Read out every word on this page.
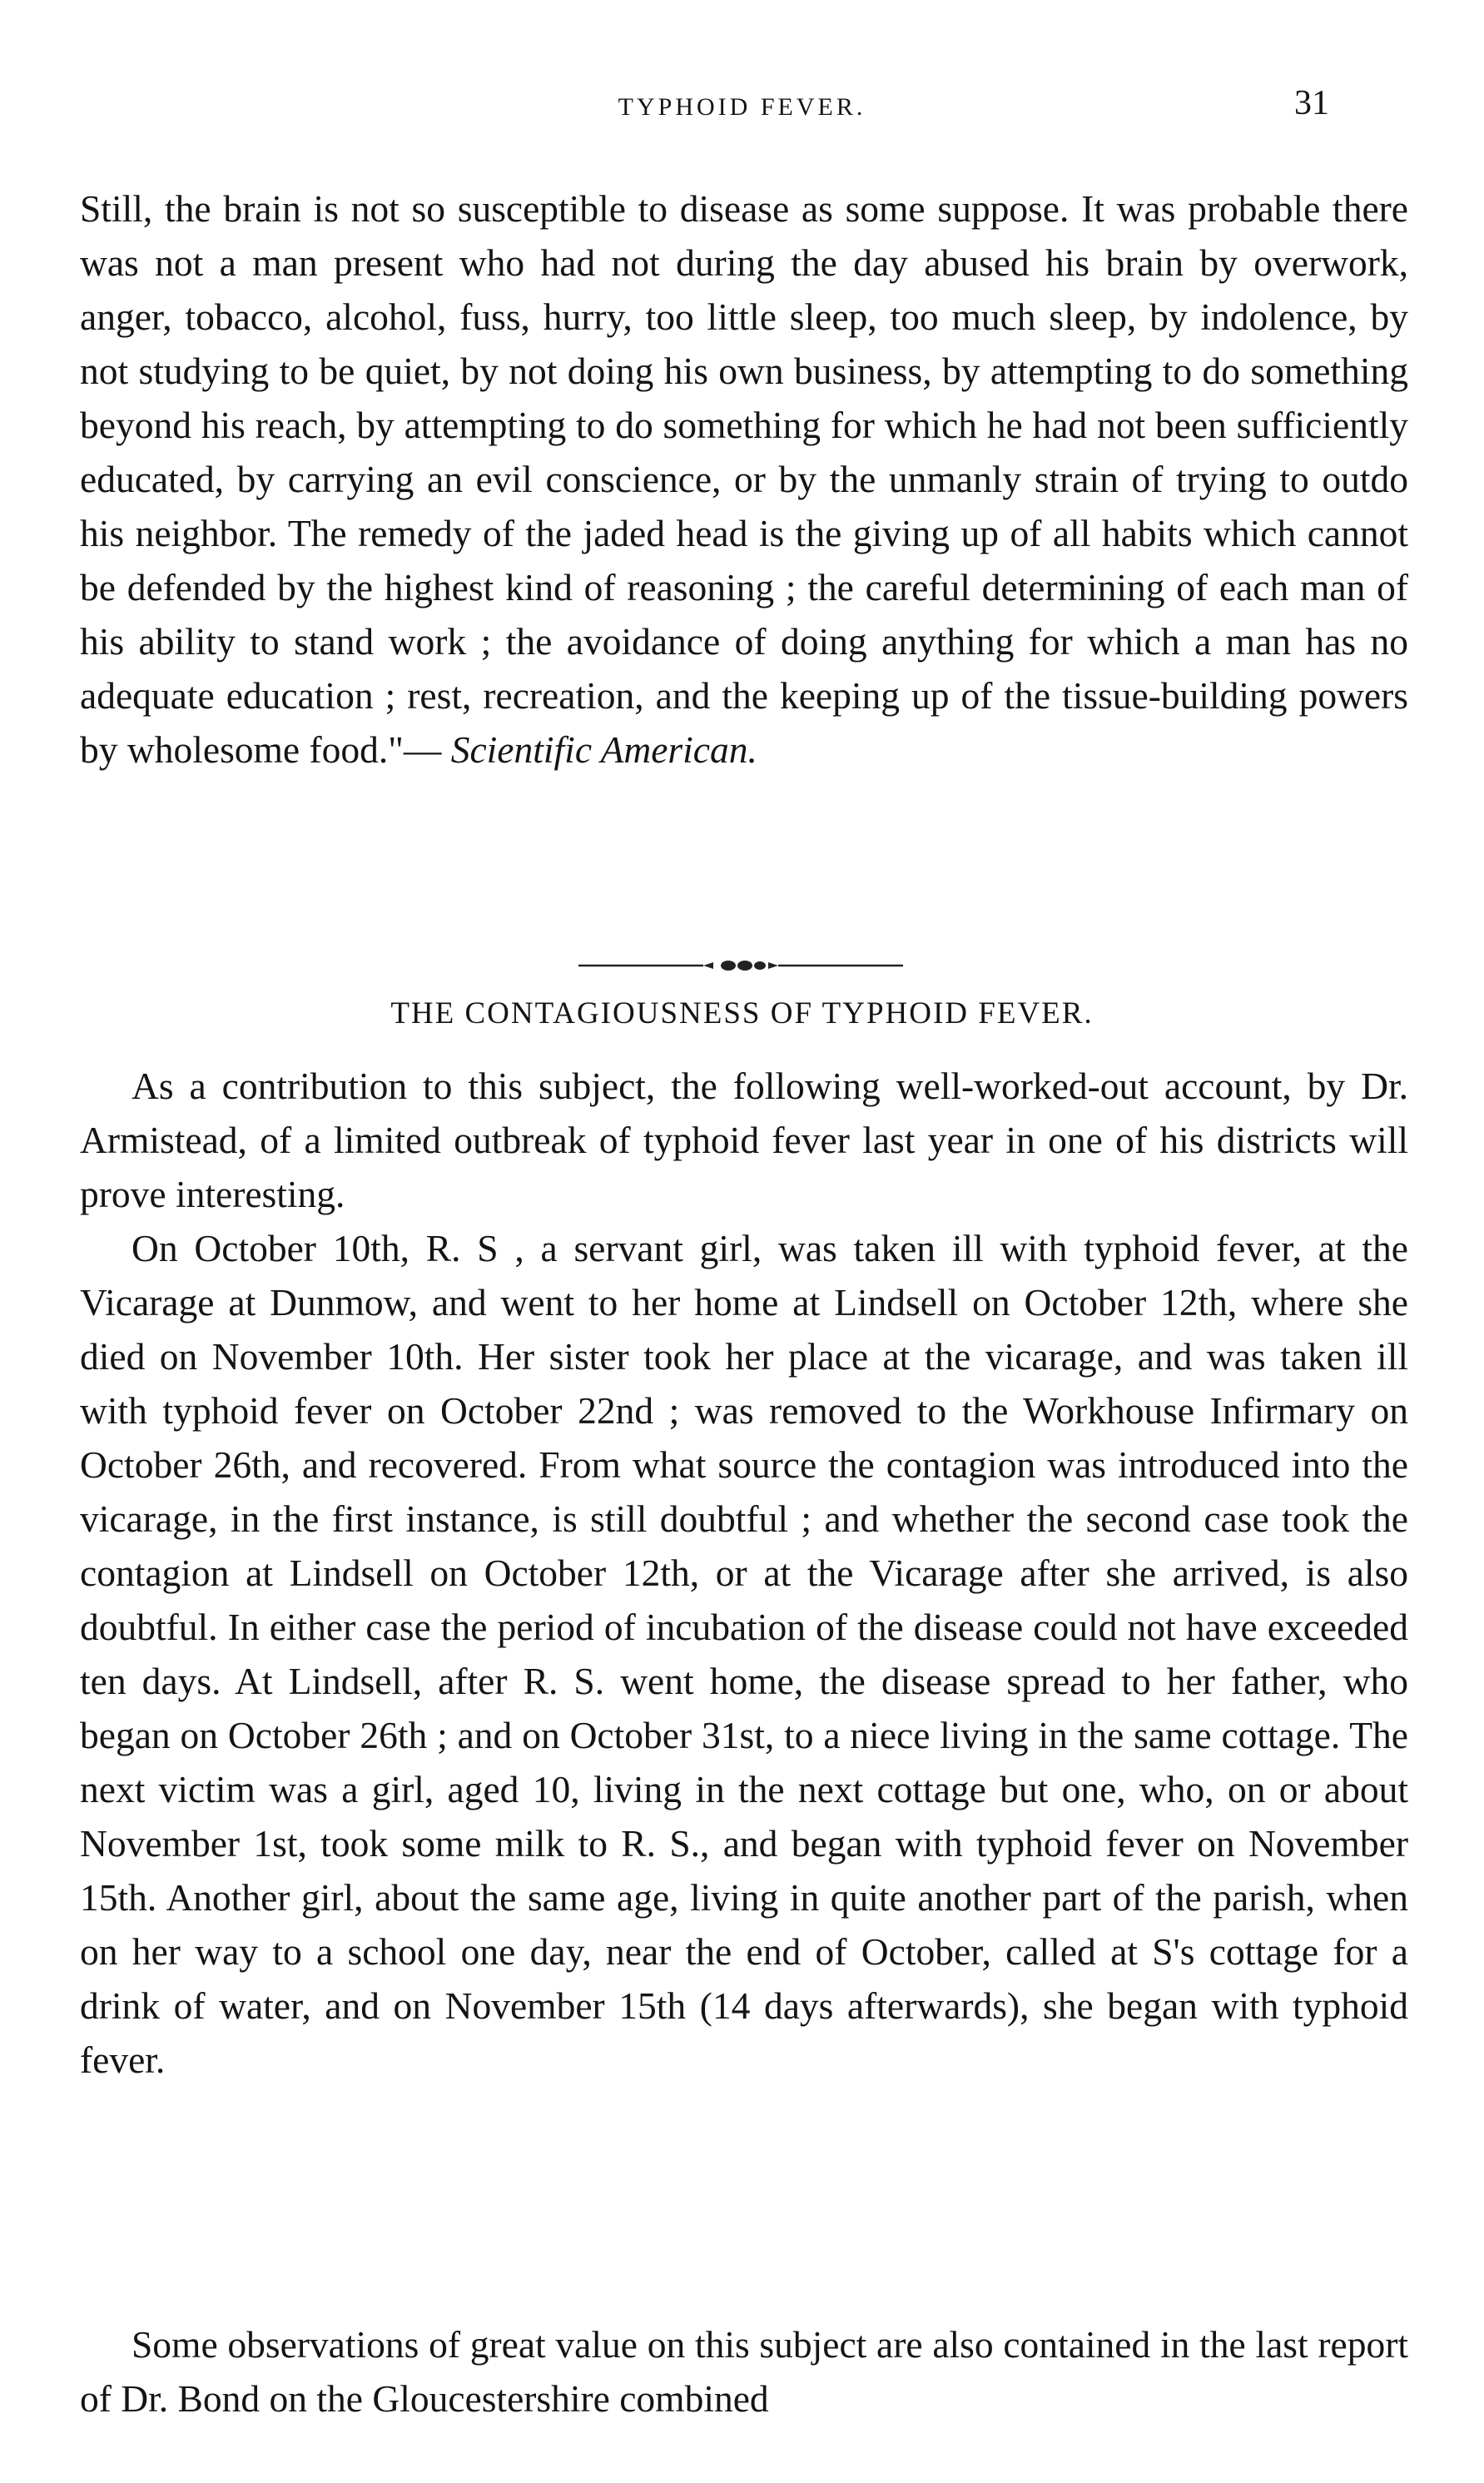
TYPHOID FEVER.	31

Still, the brain is not so susceptible to disease as some suppose. It was probable there was not a man present who had not during the day abused his brain by overwork, anger, tobacco, alcohol, fuss, hurry, too little sleep, too much sleep, by indolence, by not studying to be quiet, by not doing his own business, by attempting to do something beyond his reach, by attempting to do something for which he had not been sufficiently educated, by carrying an evil conscience, or by the unmanly strain of trying to outdo his neighbor. The remedy of the jaded head is the giving up of all habits which cannot be defended by the highest kind of reasoning ; the careful determining of each man of his ability to stand work ; the avoidance of doing anything for which a man has no adequate education ; rest, recreation, and the keeping up of the tissue-building powers by wholesome food."— Scientific American.

THE CONTAGIOUSNESS OF TYPHOID FEVER.

As a contribution to this subject, the following well-worked-out account, by Dr. Armistead, of a limited outbreak of typhoid fever last year in one of his districts will prove interesting.

On October 10th, R. S , a servant girl, was taken ill with typhoid fever, at the Vicarage at Dunmow, and went to her home at Lindsell on October 12th, where she died on November 10th. Her sister took her place at the vicarage, and was taken ill with typhoid fever on October 22nd ; was removed to the Workhouse Infirmary on October 26th, and recovered. From what source the contagion was introduced into the vicarage, in the first instance, is still doubtful ; and whether the second case took the contagion at Lindsell on October 12th, or at the Vicarage after she arrived, is also doubtful. In either case the period of incubation of the disease could not have exceeded ten days. At Lindsell, after R. S. went home, the disease spread to her father, who began on October 26th ; and on October 31st, to a niece living in the same cottage. The next victim was a girl, aged 10, living in the next cottage but one, who, on or about November 1st, took some milk to R. S., and began with typhoid fever on November 15th. Another girl, about the same age, living in quite another part of the parish, when on her way to a school one day, near the end of October, called at S's cottage for a drink of water, and on November 15th (14 days afterwards), she began with typhoid fever.

Some observations of great value on this subject are also contained in the last report of Dr. Bond on the Gloucestershire combined
